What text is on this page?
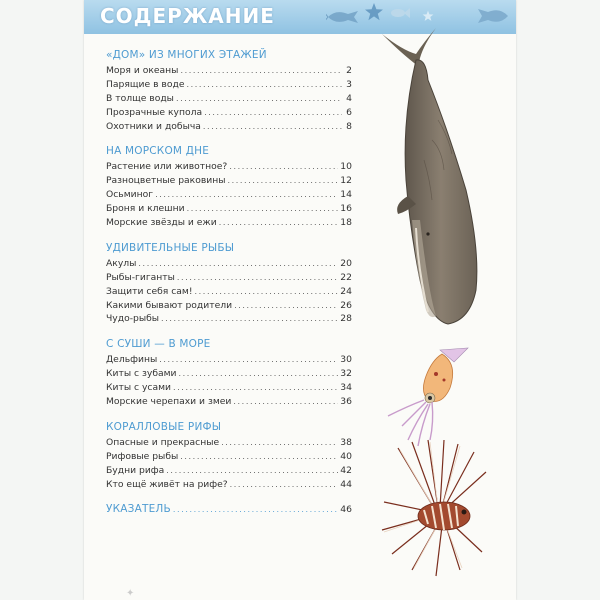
СОДЕРЖАНИЕ
«ДОМ» ИЗ МНОГИХ ЭТАЖЕЙ
Моря и океаны .....	2
Парящие в воде .....	3
В толще воды .....	4
Прозрачные купола .....	6
Охотники и добыча .....	8
НА МОРСКОМ ДНЕ
Растение или животное? .....	10
Разноцветные раковины .....	12
Осьминог .....	14
Броня и клешни .....	16
Морские звёзды и ежи .....	18
УДИВИТЕЛЬНЫЕ РЫБЫ
Акулы .....	20
Рыбы-гиганты .....	22
Защити себя сам! .....	24
Какими бывают родители .....	26
Чудо-рыбы .....	28
С СУШИ — В МОРЕ
Дельфины .....	30
Киты с зубами .....	32
Киты с усами .....	34
Морские черепахи и змеи .....	36
КОРАЛЛОВЫЕ РИФЫ
Опасные и прекрасные .....	38
Рифовые рыбы .....	40
Будни рифа .....	42
Кто ещё живёт на рифе? .....	44
УКАЗАТЕЛЬ .....	46
✦
